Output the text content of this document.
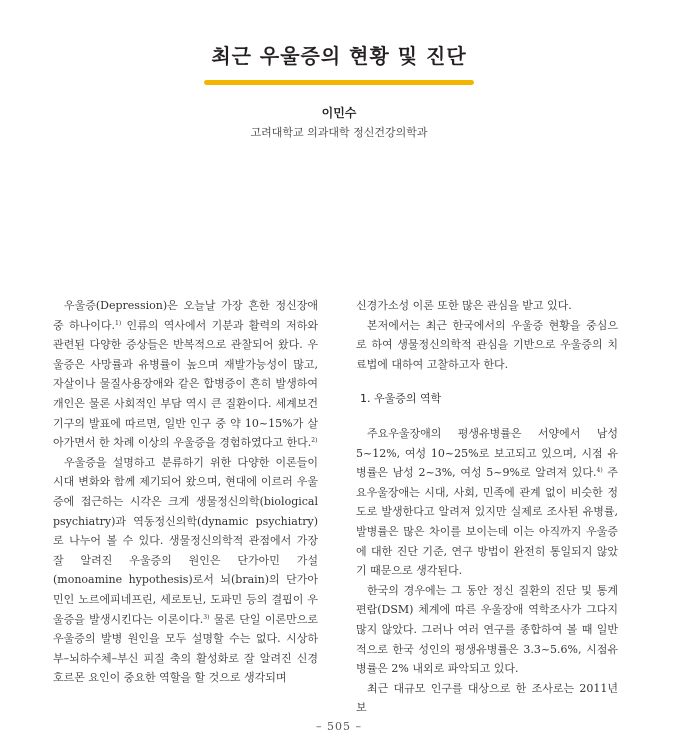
최근 우울증의 현황 및 진단
이민수
고려대학교 의과대학 정신건강의학과

우울증(Depression)은 오늘날 가장 흔한 정신장애중 하나이다.$^{1)}$ 인류의 역사에서 기분과 활력의 저하와 관련된 다양한 증상들은 반복적으로 관찰되어 왔다. 우울증은 사망률과 유병률이 높으며 재발가능성이 많고, 자살이나 물질사용장애와 같은 합병증이 흔히 발생하여 개인은 물론 사회적인 부담 역시 큰 질환이다. 세계보건기구의 발표에 따르면, 일반 인구 중 약 10~15%가 살아가면서 한 차례 이상의 우울증을 경험하였다고 한다.$^{2)}$

우울증을 설명하고 분류하기 위한 다양한 이론들이 시대 변화와 함께 제기되어 왔으며, 현대에 이르러 우울증에 접근하는 시각은 크게 생물정신의학(biological psychiatry)과 역동정신의학(dynamic psychiatry)로 나누어 볼 수 있다. 생물정신의학적 관점에서 가장 잘 알려진 우울증의 원인은 단가아민 가설(monoamine hypothesis)로서 뇌(brain)의 단가아민인 노르에피네프린, 세로토닌, 도파민 등의 결핍이 우울증을 발생시킨다는 이론이다.$^{3)}$ 물론 단일 이론만으로 우울증의 발병 원인을 모두 설명할 수는 없다. 시상하부–뇌하수체–부신 피질 축의 활성화로 잘 알려진 신경호르몬 요인이 중요한 역할을 할 것으로 생각되며

신경가소성 이론 또한 많은 관심을 받고 있다.

본저에서는 최근 한국에서의 우울증 현황을 중심으로 하여 생물정신의학적 관심을 기반으로 우울증의 치료법에 대하여 고찰하고자 한다.

1. 우울증의 역학

주요우울장애의 평생유병률은 서양에서 남성 5~12%, 여성 10~25%로 보고되고 있으며, 시점 유병률은 남성 2~3%, 여성 5~9%로 알려져 있다.$^{4)}$ 주요우울장애는 시대, 사회, 민족에 관계 없이 비슷한 정도로 발생한다고 알려져 있지만 실제로 조사된 유병률, 발병률은 많은 차이를 보이는데 이는 아직까지 우울증에 대한 진단 기준, 연구 방법이 완전히 통일되지 않았기 때문으로 생각된다.

한국의 경우에는 그 동안 정신 질환의 진단 및 통계편람(DSM) 체계에 따른 우울장애 역학조사가 그다지 많지 않았다. 그러나 여러 연구를 종합하여 볼 때 일반적으로 한국 성인의 평생유병률은 3.3~5.6%, 시점유병률은 2% 내외로 파악되고 있다.

최근 대규모 인구를 대상으로 한 조사로는 2011년 보

– 505 –
